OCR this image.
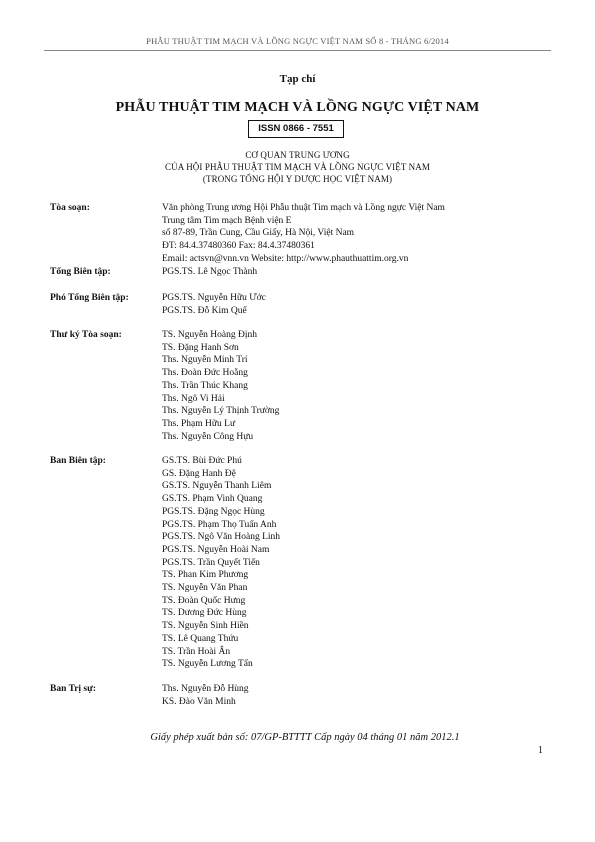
PHẪU THUẬT TIM MẠCH VÀ LỒNG NGỰC VIỆT NAM SỐ 8 - THÁNG 6/2014
Tạp chí
PHẪU THUẬT TIM MẠCH VÀ LỒNG NGỰC VIỆT NAM
ISSN 0866 - 7551
CƠ QUAN TRUNG ƯƠNG
CỦA HỘI PHẪU THUẬT TIM MẠCH VÀ LỒNG NGỰC VIỆT NAM
(TRONG TỔNG HỘI Y DƯỢC HỌC VIỆT NAM)
Tòa soạn:	Văn phòng Trung ương Hội Phẫu thuật Tim mạch và Lồng ngực Việt Nam
Trung tâm Tim mạch Bệnh viện E
số 87-89, Trần Cung, Cầu Giấy, Hà Nội, Việt Nam
ĐT: 84.4.37480360 Fax: 84.4.37480361
Email: actsvn@vnn.vn Website: http://www.phauthuattim.org.vn
Tổng Biên tập:	PGS.TS. Lê Ngọc Thành
Phó Tổng Biên tập:	PGS.TS. Nguyễn Hữu Ước
PGS.TS. Đỗ Kim Quế
Thư ký Tòa soạn:	TS. Nguyễn Hoàng Định
TS. Đặng Hanh Sơn
Ths. Nguyễn Minh Trí
Ths. Đoàn Đức Hoằng
Ths. Trần Thúc Khang
Ths. Ngô Vi Hải
Ths. Nguyễn Lý Thịnh Trường
Ths. Phạm Hữu Lư
Ths. Nguyễn Công Hựu
Ban Biên tập:	GS.TS. Bùi Đức Phú
GS. Đặng Hanh Đệ
GS.TS. Nguyễn Thanh Liêm
GS.TS. Phạm Vinh Quang
PGS.TS. Đặng Ngọc Hùng
PGS.TS. Phạm Thọ Tuấn Anh
PGS.TS. Ngô Văn Hoàng Linh
PGS.TS. Nguyễn Hoài Nam
PGS.TS. Trần Quyết Tiến
TS. Phan Kim Phương
TS. Nguyễn Văn Phan
TS. Đoàn Quốc Hưng
TS. Dương Đức Hùng
TS. Nguyễn Sinh Hiền
TS. Lê Quang Thứu
TS. Trần Hoài Ân
TS. Nguyễn Lương Tấn
Ban Trị sự:	Ths. Nguyễn Đỗ Hùng
KS. Đào Văn Minh
Giấy phép xuất bản số: 07/GP-BTTTT Cấp ngày 04 tháng 01 năm 2012.1
1
